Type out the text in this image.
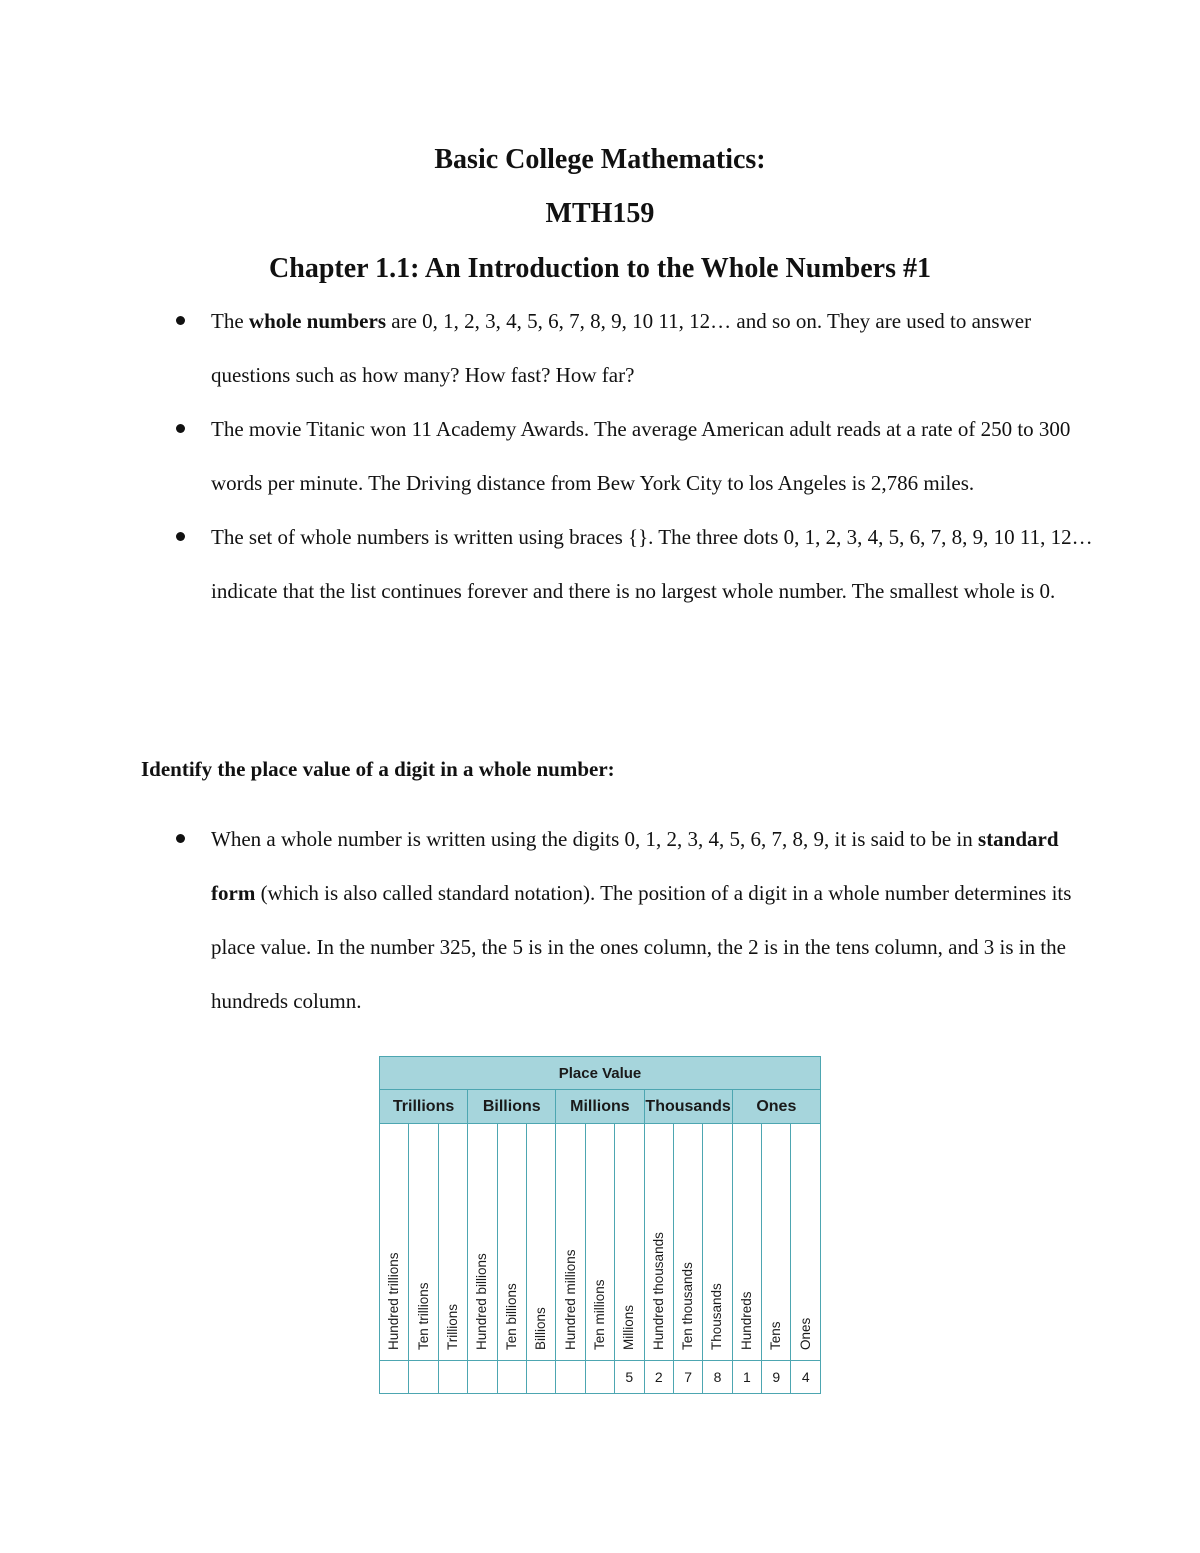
Basic College Mathematics:
MTH159
Chapter 1.1: An Introduction to the Whole Numbers #1
The whole numbers are 0, 1, 2, 3, 4, 5, 6, 7, 8, 9, 10 11, 12… and so on. They are used to answer questions such as how many? How fast? How far?
The movie Titanic won 11 Academy Awards. The average American adult reads at a rate of 250 to 300 words per minute. The Driving distance from Bew York City to los Angeles is 2,786 miles.
The set of whole numbers is written using braces {}. The three dots 0, 1, 2, 3, 4, 5, 6, 7, 8, 9, 10 11, 12… indicate that the list continues forever and there is no largest whole number. The smallest whole is 0.
Identify the place value of a digit in a whole number:
When a whole number is written using the digits 0, 1, 2, 3, 4, 5, 6, 7, 8, 9, it is said to be in standard form (which is also called standard notation). The position of a digit in a whole number determines its place value. In the number 325, the 5 is in the ones column, the 2 is in the tens column, and 3 is in the hundreds column.
Place Value														
Trillions			Billions			Millions			Thousands			Ones		

Hundred trillions	Ten trillions	Trillions	Hundred billions	Ten billions	Billions	Hundred millions	Ten millions	Millions	Hundred thousands	Ten thousands	Thousands	Hundreds	Tens	Ones

								5	2	7	8	1	9	4
